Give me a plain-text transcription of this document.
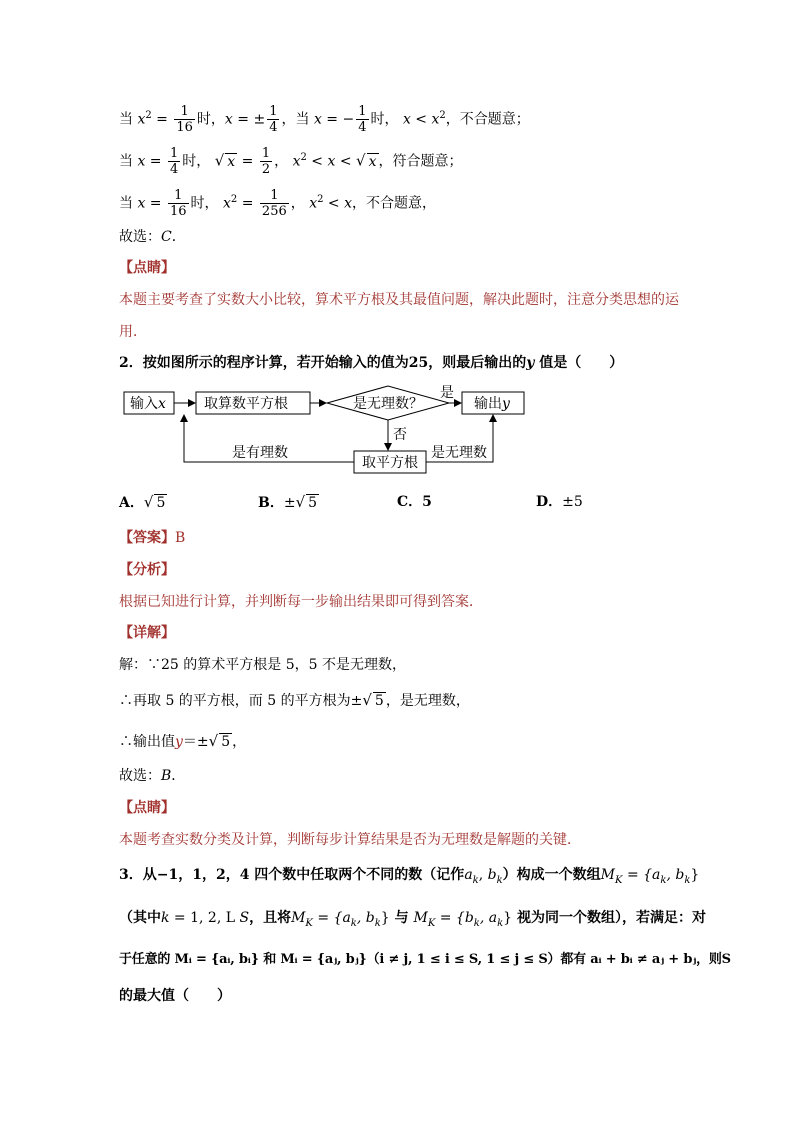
当 $x^2 = \frac{1}{16}$ 时，x = ± $\frac{1}{4}$ ，当 x = − $\frac{1}{4}$ 时， $x < x^2$，不合题意；
当 $x = \frac{1}{4}$ 时， √ $x = \frac{1}{2}$ ， $x^2 < x$ < √ x ，符合题意；
当 $x = \frac{1}{16}$ 时， $x^2 = \frac{1}{256}$ ， $x^2 < x$，不合题意，
故选：C．
【点睛】
本题主要考查了实数大小比较，算术平方根及其最值问题，解决此题时，注意分类思想的运
用．
2．按如图所示的程序计算，若开始输入的值为25，则最后输出的y 值是（　　）
输入x	取算数平方根	是无理数？
是
输出y
否
取平方根
是有理数	是无理数
A．√ 5	B．±√ 5	C．5	D．±5
【答案】B
【分析】
根据已知进行计算，并判断每一步输出结果即可得到答案．
【详解】
解：∵25 的算术平方根是 5，5 不是无理数，
∴再取 5 的平方根，而 5 的平方根为±√ 5 ，是无理数，
∴输出值y＝±√ 5 ，
故选：B．
【点睛】
本题考查实数分类及计算，判断每步计算结果是否为无理数是解题的关键．
3．从−1，1，2，4 四个数中任取两个不同的数（记作$a_k$, $b_k$）构成一个数组$M_K = \{a_k$, $b_k$}
（其中k = 1, 2, L S，且将$M_K = \{a_k$, $b_k$} 与 $M_K = \{b_k$, $a_k$} 视为同一个数组），若满足：对
于任意的 Mᵢ = {aᵢ, bᵢ} 和 Mᵢ = {aⱼ, bⱼ}（i ≠ j, 1 ≤ i ≤ S, 1 ≤ j ≤ S）都有 aᵢ + bᵢ ≠ aⱼ + bⱼ，则S
的最大值（　　）
